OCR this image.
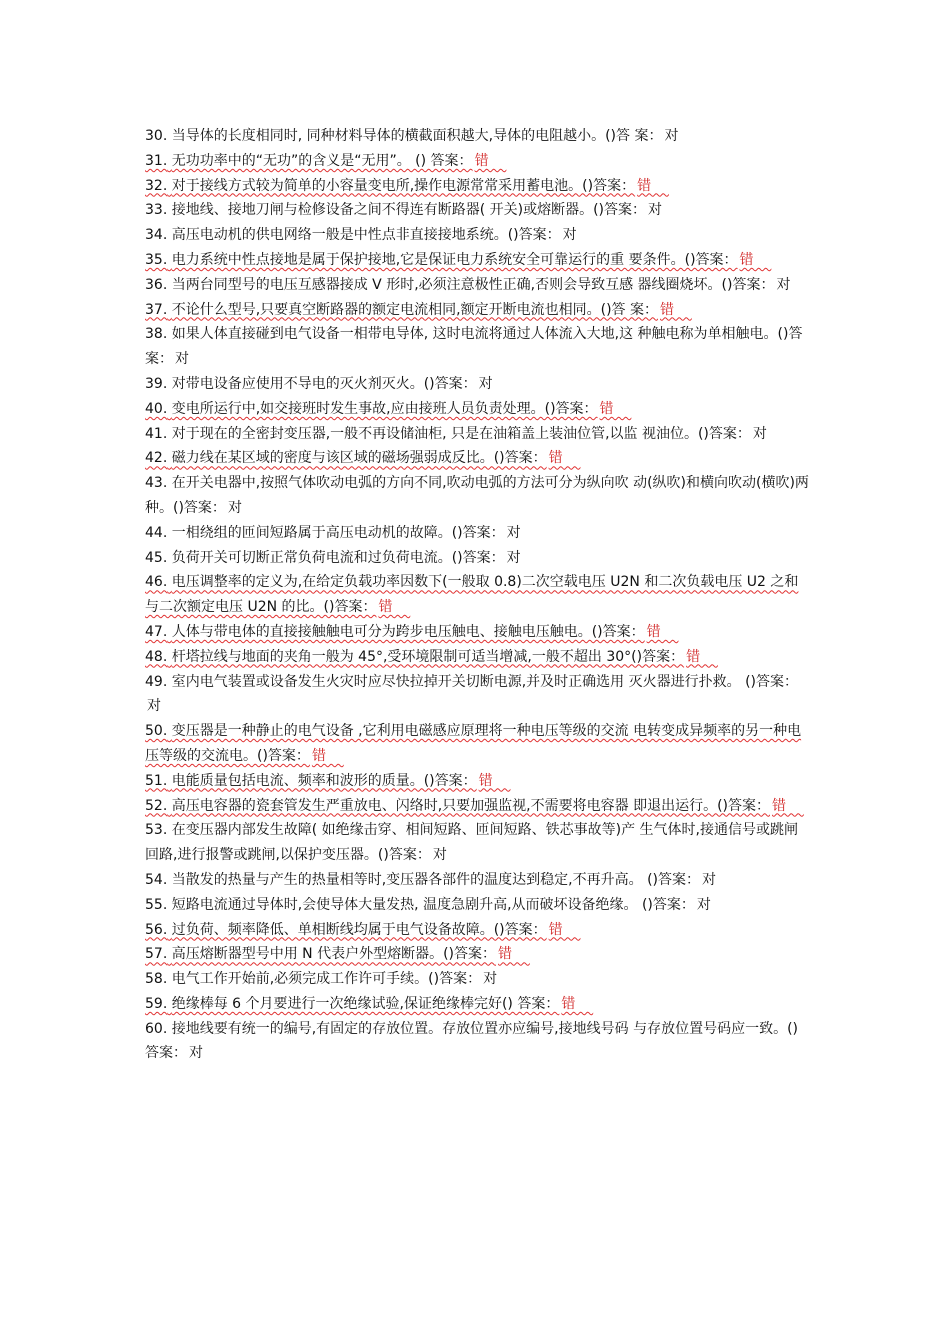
30. 当导体的长度相同时, 同种材料导体的横截面积越大,导体的电阻越小。()答 案： 对

31. 无功功率中的“无功”的含义是“无用”。 () 答案： 错

32. 对于接线方式较为简单的小容量变电所,操作电源常常采用蓄电池。()答案： 错

33. 接地线、接地刀闸与检修设备之间不得连有断路器( 开关)或熔断器。()答案： 对

34. 高压电动机的供电网络一般是中性点非直接接地系统。()答案： 对

35. 电力系统中性点接地是属于保护接地,它是保证电力系统安全可靠运行的重 要条件。()答案： 错

36. 当两台同型号的电压互感器接成 V 形时,必须注意极性正确,否则会导致互感 器线圈烧坏。()答案： 对

37. 不论什么型号,只要真空断路器的额定电流相同,额定开断电流也相同。()答 案： 错

38. 如果人体直接碰到电气设备一相带电导体, 这时电流将通过人体流入大地,这 种触电称为单相触电。()答案： 对

39. 对带电设备应使用不导电的灭火剂灭火。()答案： 对

40. 变电所运行中,如交接班时发生事故,应由接班人员负责处理。()答案： 错

41. 对于现在的全密封变压器,一般不再设储油柜, 只是在油箱盖上装油位管,以监 视油位。()答案： 对

42. 磁力线在某区域的密度与该区域的磁场强弱成反比。()答案： 错

43. 在开关电器中,按照气体吹动电弧的方向不同,吹动电弧的方法可分为纵向吹 动(纵吹)和横向吹动(横吹)两种。()答案： 对

44. 一相绕组的匝间短路属于高压电动机的故障。()答案： 对

45. 负荷开关可切断正常负荷电流和过负荷电流。()答案： 对

46. 电压调整率的定义为,在给定负载功率因数下(一般取 0.8)二次空载电压 U2N 和二次负载电压 U2 之和与二次额定电压 U2N 的比。()答案： 错

47. 人体与带电体的直接接触触电可分为跨步电压触电、接触电压触电。()答案： 错

48. 杆塔拉线与地面的夹角一般为 45°,受环境限制可适当增减,一般不超出 30°()答案： 错

49. 室内电气装置或设备发生火灾时应尽快拉掉开关切断电源,并及时正确选用 灭火器进行扑救。 ()答案：对

50. 变压器是一种静止的电气设备 ,它利用电磁感应原理将一种电压等级的交流 电转变成异频率的另一种电压等级的交流电。()答案： 错

51. 电能质量包括电流、频率和波形的质量。()答案： 错

52. 高压电容器的瓷套管发生严重放电、闪络时,只要加强监视,不需要将电容器 即退出运行。()答案： 错

53. 在变压器内部发生故障( 如绝缘击穿、相间短路、匝间短路、铁芯事故等)产 生气体时,接通信号或跳闸回路,进行报警或跳闸,以保护变压器。()答案： 对

54. 当散发的热量与产生的热量相等时,变压器各部件的温度达到稳定,不再升高。 ()答案： 对

55. 短路电流通过导体时,会使导体大量发热, 温度急剧升高,从而破坏设备绝缘。 ()答案： 对

56. 过负荷、频率降低、单相断线均属于电气设备故障。()答案： 错

57. 高压熔断器型号中用 N 代表户外型熔断器。()答案： 错

58. 电气工作开始前,必须完成工作许可手续。()答案： 对

59. 绝缘棒每 6 个月要进行一次绝缘试验,保证绝缘棒完好() 答案： 错

60. 接地线要有统一的编号,有固定的存放位置。存放位置亦应编号,接地线号码 与存放位置号码应一致。() 答案： 对
